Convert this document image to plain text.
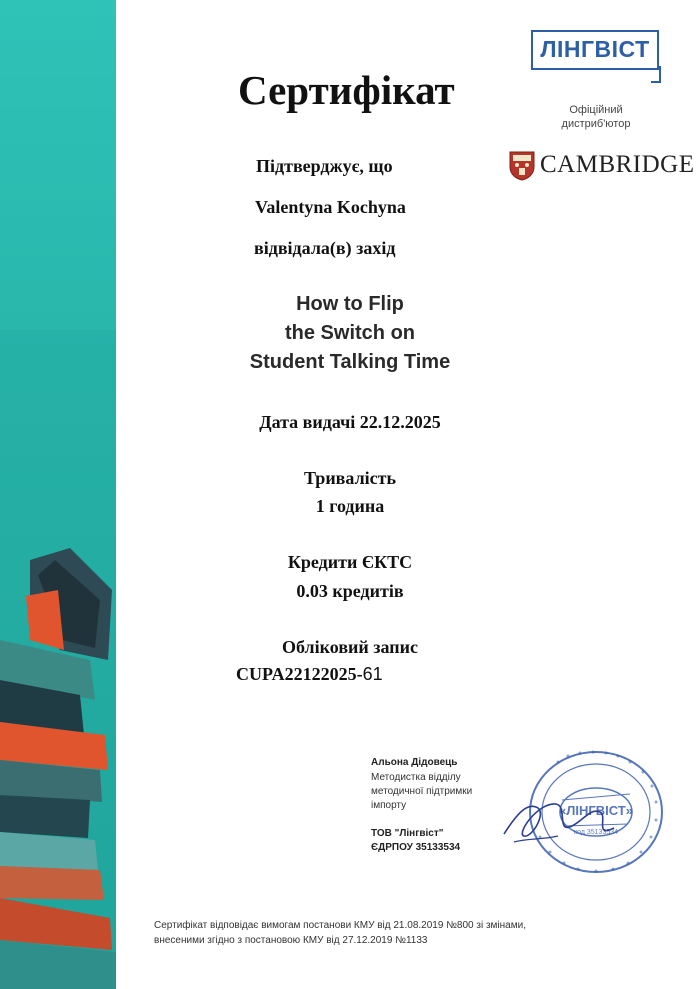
Сертифікат
Підтверджує, що
Valentyna Kochyna
відвідала(в) захід
How to Flip
the Switch on
Student Talking Time
Дата видачі 22.12.2025
Тривалість
1 година
Кредити ЄКТС
0.03 кредитів
Обліковий запис
CUPA22122025-61
ЛІНГВІСТ
Офіційний
дистриб'ютор
CAMBRIDGE
Альона Дідовець
Методистка відділу
методичної підтримки
імпорту
ТОВ "Лінгвіст"
ЄДРПОУ 35133534
«ЛІНГВІСТ»
код 35133534
Сертифікат відповідає вимогам постанови КМУ від 21.08.2019 №800 зі змінами,
внесеними згідно з постановою КМУ від 27.12.2019 №1133
